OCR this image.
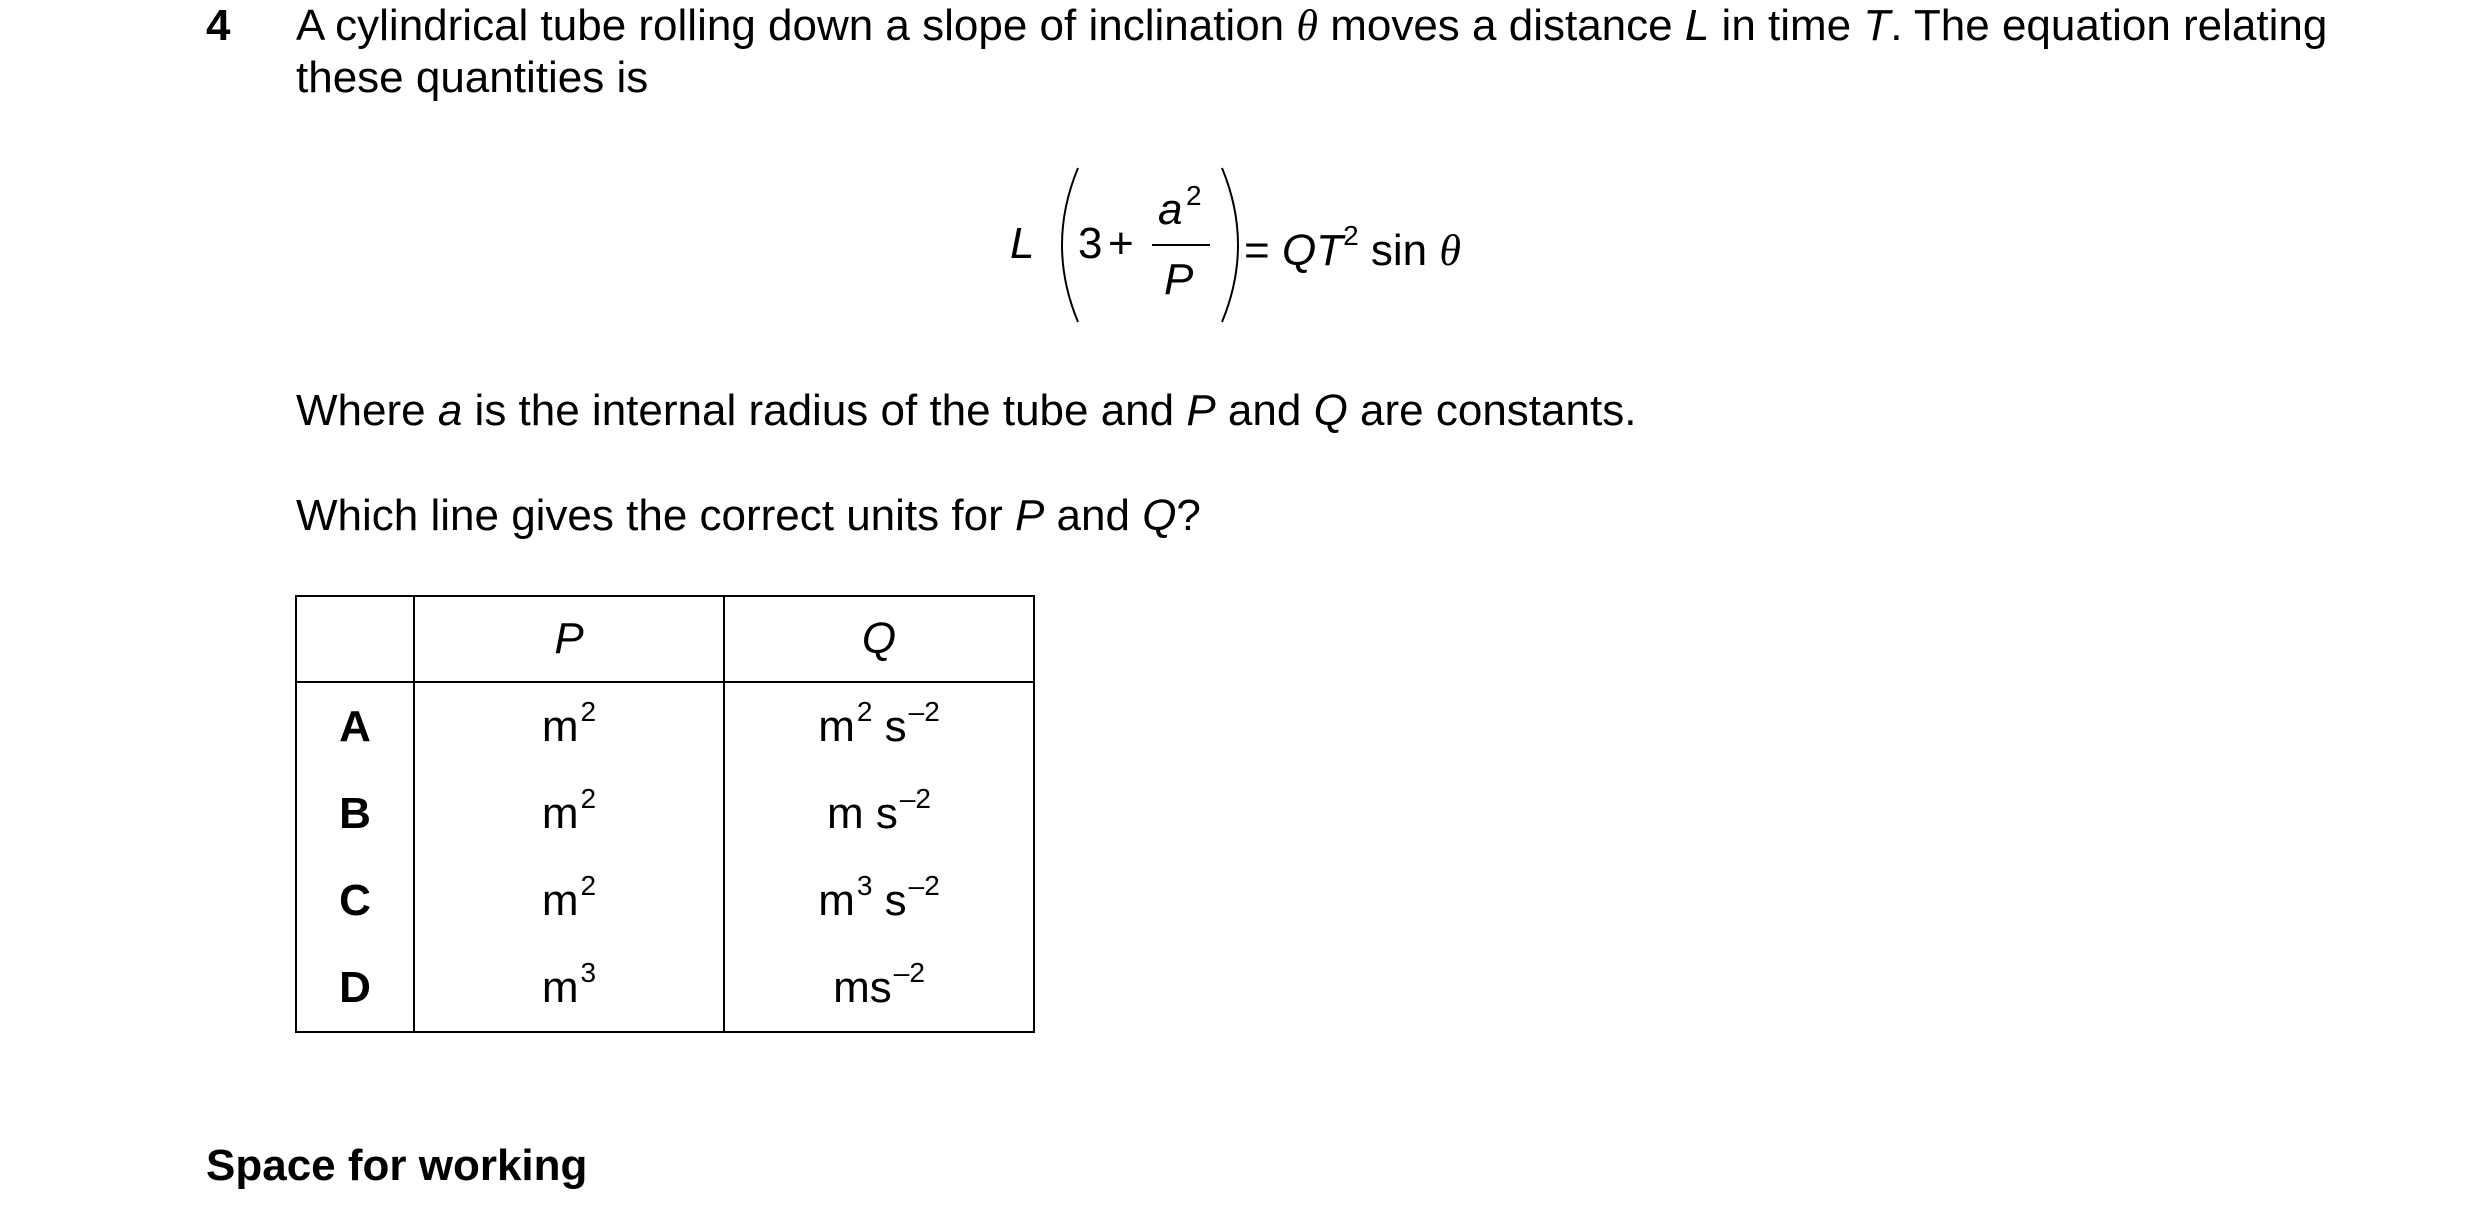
4 A cylindrical tube rolling down a slope of inclination θ moves a distance L in time T. The equation relating these quantities is
L 3 +
a 2
P
= $QT^2$ sin θ
Where a is the internal radius of the tube and P and Q are constants.
Which line gives the correct units for P and Q?
	P	Q
A	$m^2$	$m^2$ $s^{-2}$
B	$m^2$	m $s^{-2}$
C	$m^2$	$m^3$ $s^{-2}$
D	$m^3$	$ms^{-2}$
Space for working
